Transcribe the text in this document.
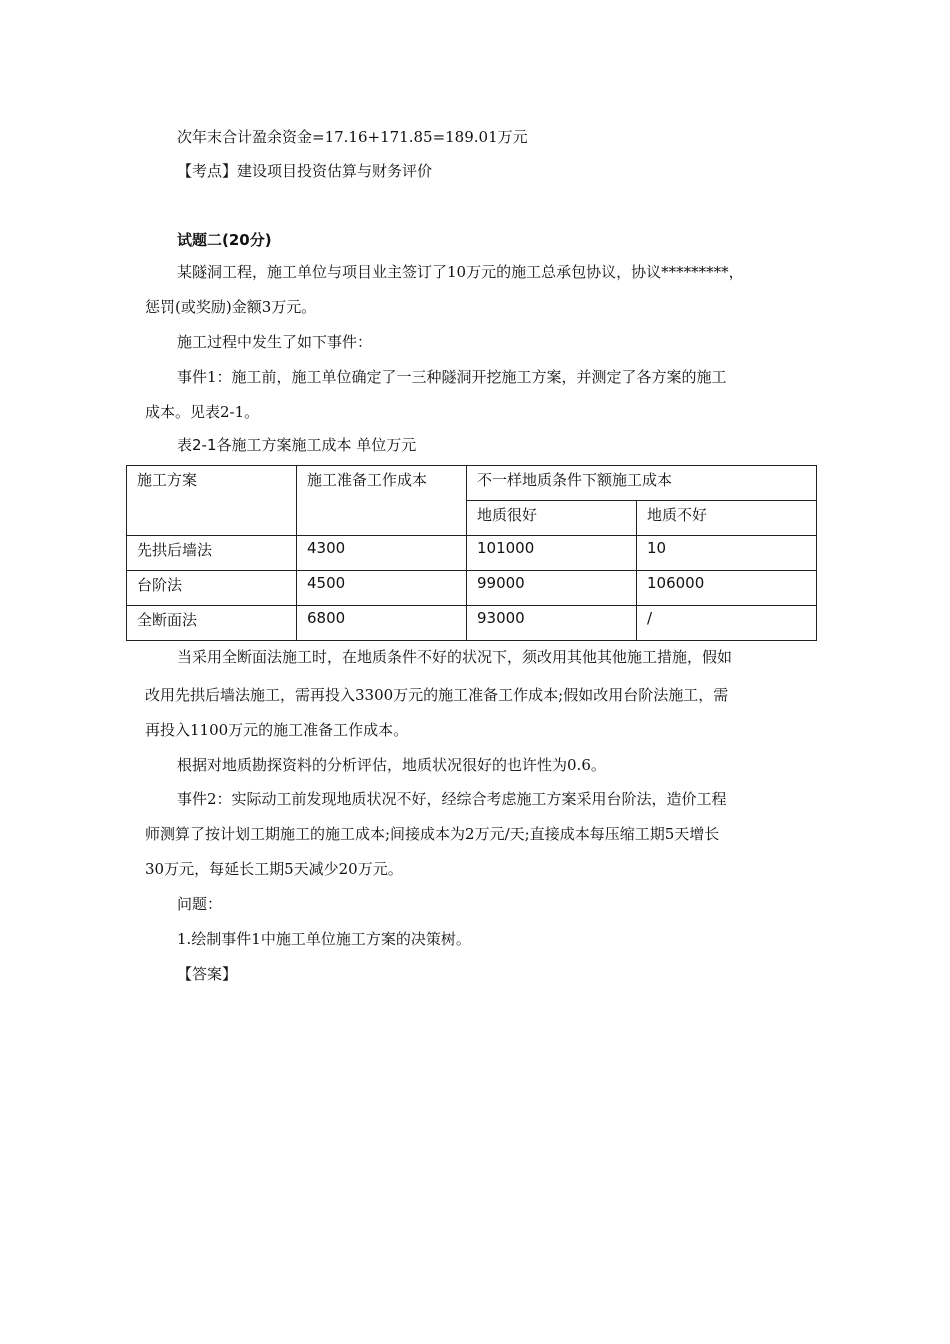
次年末合计盈余资金=17.16+171.85=189.01万元

【考点】建设项目投资估算与财务评价

试题二(20分)

某隧洞工程，施工单位与项目业主签订了10万元的施工总承包协议，协议*********，

惩罚(或奖励)金额3万元。

施工过程中发生了如下事件：

事件1：施工前，施工单位确定了一三种隧洞开挖施工方案，并测定了各方案的施工

成本。见表2-1。

表2-1各施工方案施工成本 单位万元

施工方案	施工准备工作成本	不一样地质条件下额施工成本	
		地质很好	地质不好
先拱后墙法	4300	101000	10
台阶法	4500	99000	106000
全断面法	6800	93000	/

当采用全断面法施工时，在地质条件不好的状况下，须改用其他其他施工措施，假如

改用先拱后墙法施工，需再投入3300万元的施工准备工作成本;假如改用台阶法施工，需

再投入1100万元的施工准备工作成本。

根据对地质勘探资料的分析评估，地质状况很好的也许性为0.6。

事件2：实际动工前发现地质状况不好，经综合考虑施工方案采用台阶法，造价工程

师测算了按计划工期施工的施工成本;间接成本为2万元/天;直接成本每压缩工期5天增长

30万元，每延长工期5天减少20万元。

问题：

1.绘制事件1中施工单位施工方案的决策树。

【答案】
